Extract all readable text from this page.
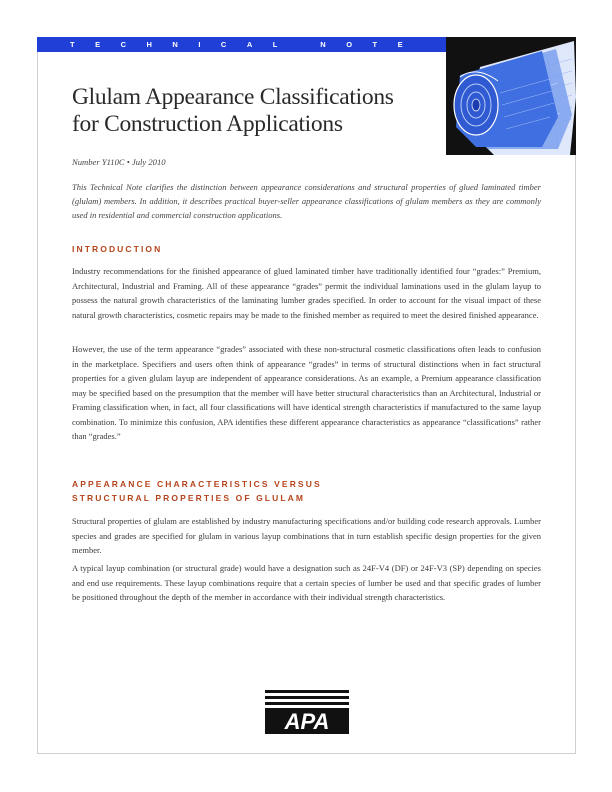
TECHNICAL NOTE
Glulam Appearance Classifications
for Construction Applications
Number Y110C • July 2010

This Technical Note clarifies the distinction between appearance considerations and structural properties of glued laminated timber (glulam) members. In addition, it describes practical buyer-seller appearance classifications of glulam members as they are commonly used in residential and commercial construction applications.

INTRODUCTION

Industry recommendations for the finished appearance of glued laminated timber have traditionally identified four “grades:” Premium, Architectural, Industrial and Framing. All of these appearance “grades” permit the individual laminations used in the glulam layup to possess the natural growth characteristics of the laminating lumber grades specified. In order to account for the visual impact of these natural growth characteristics, cosmetic repairs may be made to the finished member as required to meet the desired finished appearance.

However, the use of the term appearance “grades” associated with these non-structural cosmetic classifications often leads to confusion in the marketplace. Specifiers and users often think of appearance “grades” in terms of structural distinctions when in fact structural properties for a given glulam layup are independent of appearance considerations. As an example, a Premium appearance classification may be specified based on the presumption that the member will have better structural characteristics than an Architectural, Industrial or Framing classification when, in fact, all four classifications will have identical strength characteristics if manufactured to the same layup combination. To minimize this confusion, APA identifies these different appearance characteristics as appearance “classifications” rather than “grades.”

APPEARANCE CHARACTERISTICS VERSUS
STRUCTURAL PROPERTIES OF GLULAM

Structural properties of glulam are established by industry manufacturing specifications and/or building code research approvals. Lumber species and grades are specified for glulam in various layup combinations that in turn establish specific design properties for the given member.

A typical layup combination (or structural grade) would have a designation such as 24F-V4 (DF) or 24F-V3 (SP) depending on species and end use requirements. These layup combinations require that a certain species of lumber be used and that specific grades of lumber be positioned throughout the depth of the member in accordance with their individual strength characteristics.

APA
